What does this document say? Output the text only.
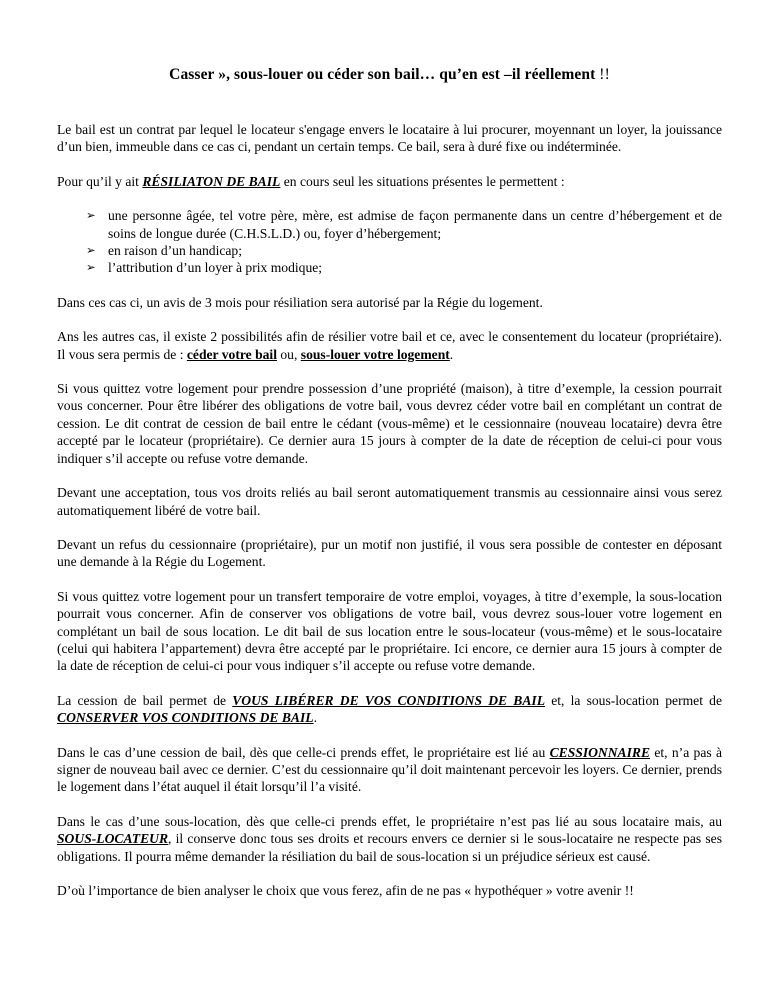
Casser », sous-louer ou céder son bail… qu’en est –il réellement !!

Le bail est un contrat par lequel le locateur s'engage envers le locataire à lui procurer, moyennant un loyer, la jouissance d’un bien, immeuble dans ce cas ci, pendant un certain temps. Ce bail, sera à duré fixe ou indéterminée.

Pour qu’il y ait RÉSILIATON DE BAIL en cours seul les situations présentes le permettent :

➢ une personne âgée, tel votre père, mère, est admise de façon permanente dans un centre d’hébergement et de soins de longue durée (C.H.S.L.D.) ou, foyer d’hébergement;
➢ en raison d’un handicap;
➢ l’attribution d’un loyer à prix modique;

Dans ces cas ci, un avis de 3 mois pour résiliation sera autorisé par la Régie du logement.

Ans les autres cas, il existe 2 possibilités afin de résilier votre bail et ce, avec le consentement du locateur (propriétaire). Il vous sera permis de : céder votre bail ou, sous-louer votre logement.

Si vous quittez votre logement pour prendre possession d’une propriété (maison), à titre d’exemple, la cession pourrait vous concerner. Pour être libérer des obligations de votre bail, vous devrez céder votre bail en complétant un contrat de cession. Le dit contrat de cession de bail entre le cédant (vous-même) et le cessionnaire (nouveau locataire) devra être accepté par le locateur (propriétaire). Ce dernier aura 15 jours à compter de la date de réception de celui-ci pour vous indiquer s’il accepte ou refuse votre demande.

Devant une acceptation, tous vos droits reliés au bail seront automatiquement transmis au cessionnaire ainsi vous serez automatiquement libéré de votre bail.

Devant un refus du cessionnaire (propriétaire), pur un motif non justifié, il vous sera possible de contester en déposant une demande à la Régie du Logement.

Si vous quittez votre logement pour un transfert temporaire de votre emploi, voyages, à titre d’exemple, la sous-location pourrait vous concerner. Afin de conserver vos obligations de votre bail, vous devrez sous-louer votre logement en complétant un bail de sous location. Le dit bail de sus location entre le sous-locateur (vous-même) et le sous-locataire (celui qui habitera l’appartement) devra être accepté par le propriétaire. Ici encore, ce dernier aura 15 jours à compter de la date de réception de celui-ci pour vous indiquer s’il accepte ou refuse votre demande.

La cession de bail permet de VOUS LIBÉRER DE VOS CONDITIONS DE BAIL et, la sous-location permet de CONSERVER VOS CONDITIONS DE BAIL.

Dans le cas d’une cession de bail, dès que celle-ci prends effet, le propriétaire est lié au CESSIONNAIRE et, n’a pas à signer de nouveau bail avec ce dernier. C’est du cessionnaire qu’il doit maintenant percevoir les loyers. Ce dernier, prends le logement dans l’état auquel il était lorsqu’il l’a visité.

Dans le cas d’une sous-location, dès que celle-ci prends effet, le propriétaire n’est pas lié au sous locataire mais, au SOUS-LOCATEUR, il conserve donc tous ses droits et recours envers ce dernier si le sous-locataire ne respecte pas ses obligations. Il pourra même demander la résiliation du bail de sous-location si un préjudice sérieux est causé.

D’où l’importance de bien analyser le choix que vous ferez, afin de ne pas « hypothéquer » votre avenir !!
